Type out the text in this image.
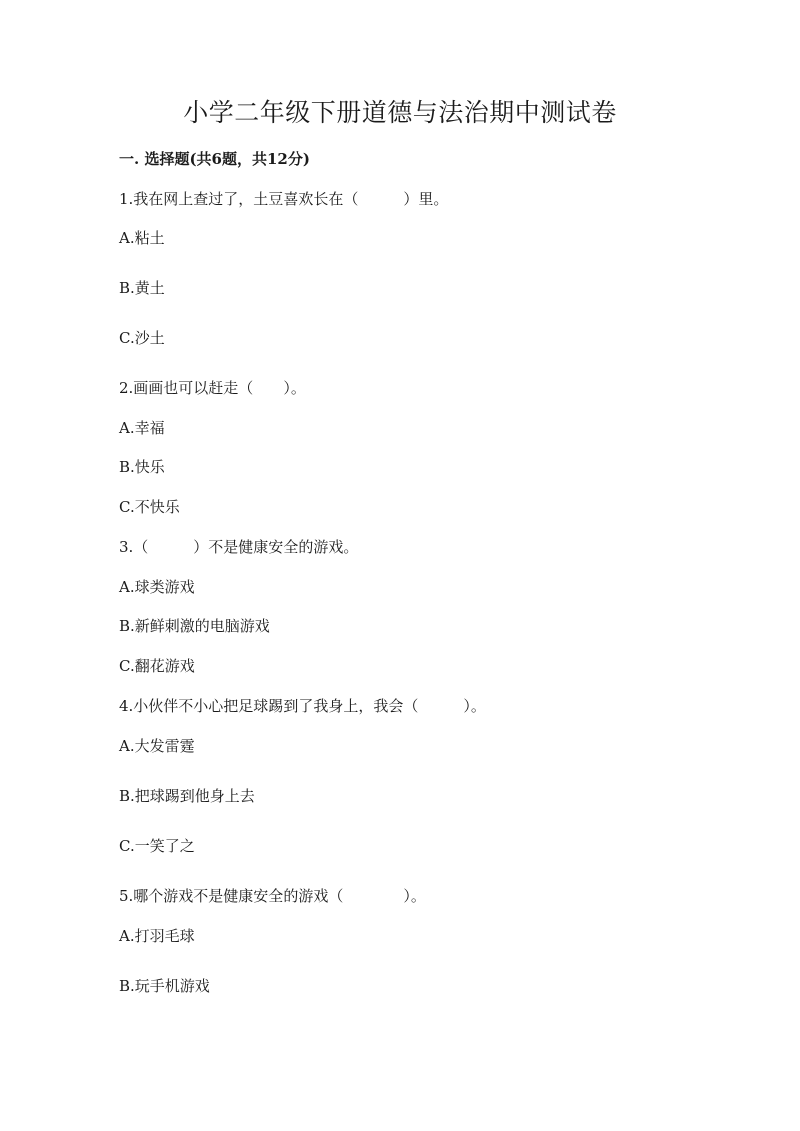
小学二年级下册道德与法治期中测试卷
一. 选择题(共6题，共12分)
1.我在网上查过了，土豆喜欢长在（　　　）里。
A.粘土
B.黄土
C.沙土
2.画画也可以赶走（　　）。
A.幸福
B.快乐
C.不快乐
3.（　　　）不是健康安全的游戏。
A.球类游戏
B.新鲜刺激的电脑游戏
C.翻花游戏
4.小伙伴不小心把足球踢到了我身上，我会（　　　）。
A.大发雷霆
B.把球踢到他身上去
C.一笑了之
5.哪个游戏不是健康安全的游戏（　　　　）。
A.打羽毛球
B.玩手机游戏
